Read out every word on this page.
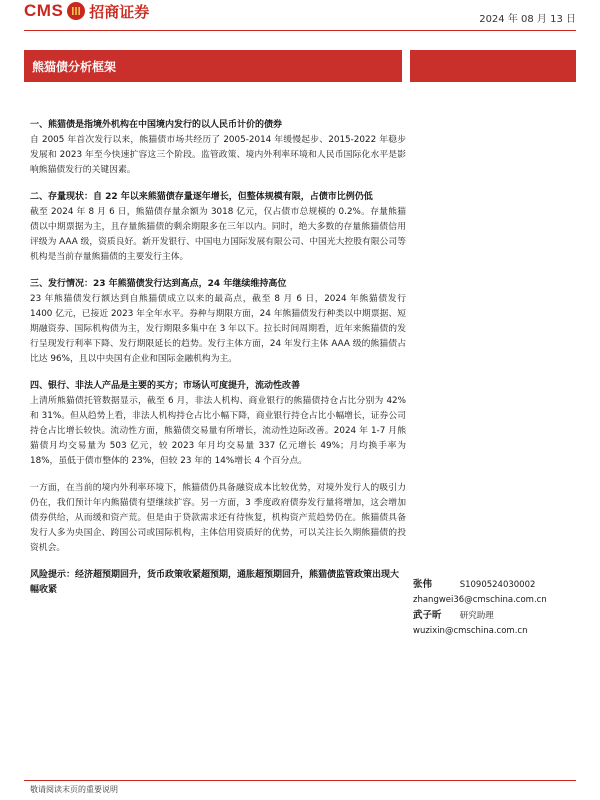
CMS 招商证券	2024 年 08 月 13 日
熊猫债分析框架
一、熊猫债是指境外机构在中国境内发行的以人民币计价的债券

自 2005 年首次发行以来，熊猫债市场共经历了 2005-2014 年缓慢起步、2015-2022 年稳步发展和 2023 年至今快速扩容这三个阶段。监管政策、境内外利率环境和人民币国际化水平是影响熊猫债发行的关键因素。

二、存量现状：自 22 年以来熊猫债存量逐年增长，但整体规模有限，占债市比例仍低

截至 2024 年 8 月 6 日，熊猫债存量余额为 3018 亿元，仅占债市总规模的 0.2%。存量熊猫债以中期票据为主，且存量熊猫债的剩余期限多在三年以内。同时，绝大多数的存量熊猫债信用评级为 AAA 级，资质良好。新开发银行、中国电力国际发展有限公司、中国光大控股有限公司等机构是当前存量熊猫债的主要发行主体。

三、发行情况：23 年熊猫债发行达到高点，24 年继续维持高位

23 年熊猫债发行额达到自熊猫债成立以来的最高点，截至 8 月 6 日，2024 年熊猫债发行 1400 亿元，已接近 2023 年全年水平。券种与期限方面，24 年熊猫债发行种类以中期票据、短期融资券、国际机构债为主，发行期限多集中在 3 年以下。拉长时间周期看，近年来熊猫债的发行呈现发行利率下降、发行期限延长的趋势。发行主体方面，24 年发行主体 AAA 级的熊猫债占比达 96%，且以中央国有企业和国际金融机构为主。

四、银行、非法人产品是主要的买方；市场认可度提升，流动性改善

上清所熊猫债托管数据显示，截至 6 月，非法人机构、商业银行的熊猫债持仓占比分别为 42%和 31%。但从趋势上看，非法人机构持仓占比小幅下降，商业银行持仓占比小幅增长，证券公司持仓占比增长较快。流动性方面，熊猫债交易量有所增长，流动性边际改善。2024 年 1-7 月熊猫债月均交易量为 503 亿元，较 2023 年月均交易量 337 亿元增长 49%；月均换手率为 18%，虽低于债市整体的 23%，但较 23 年的 14%增长 4 个百分点。

一方面，在当前的境内外利率环境下，熊猫债仍具备融资成本比较优势，对境外发行人的吸引力仍在，我们预计年内熊猫债有望继续扩容。另一方面，3 季度政府债券发行量将增加，这会增加债券供给，从而缓和资产荒。但是由于贷款需求还有待恢复，机构资产荒趋势仍在。熊猫债具备发行人多为央国企、跨国公司或国际机构，主体信用资质好的优势，可以关注长久期熊猫债的投资机会。

风险提示：经济超预期回升，货币政策收紧超预期，通胀超预期回升，熊猫债监管政策出现大幅收紧	张伟	S1090524030002
zhangwei36@cmschina.com.cn
武子昕 研究助理
wuzixin@cmschina.com.cn
敬请阅读末页的重要说明
